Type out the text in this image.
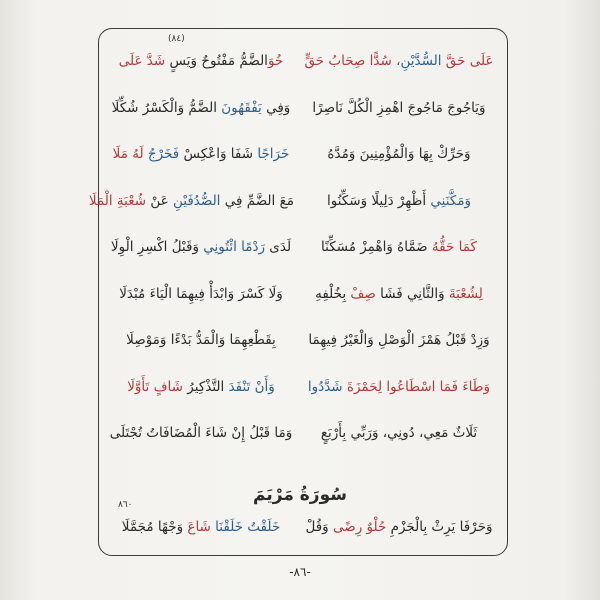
(٨٤)
عَلَى حَقَّ السُّدَّيْنِ، سُدًّا صِحَابُ حَقٍّ
خُوَالضَّمُّ مَفْتُوحٌ وَيَسٍ شَدَّ عَلَى
وَيَاجُوجَ مَاجُوجَ اهْمِزِ الْكُلَّ نَاصِرًا
وَفِي يَفْقَهُونَ الضَّمُّ وَالْكَسْرُ شُكِّلَا
وَحَرِّكْ بِهَا وَالْمُؤْمِنِينَ وَمُدَّهُ
خَرَاجًا شَفَا وَاعْكِسْ فَخَرْجُ لَهُ مَلَا
وَمَكَّنَنِي أَظْهِرْ دَلِيلًا وَسَكِّنُوا
مَعَ الضَّمِّ فِي الصُّدُفَيْنِ عَنْ شُعْبَةِ الْمَلَا
كَمَا حَقُّهُ ضَمَّاهُ وَاهْمِزْ مُسَكِّنًا
لَدَى رَدْمًا ائْتُونِي وَقَبْلُ اكْسِرِ الْوِلَا
لِشُعْبَةَ وَالثَّانِي فَشَا صِفْ بِخُلْفِهِ
وَلَا كَسْرَ وَابْدَأْ فِيهِمَا الْيَاءَ مُبْدَلَا
وَزِدْ قَبْلُ هَمْزَ الْوَصْلِ وَالْغَيْرُ فِيهِمَا
بِقَطْعِهِمَا وَالْمَدُّ بَدْءًا وَمَوْصِلَا
وَطَاءَ فَمَا اسْطَاعُوا لِحَمْزَةَ شَدَّدُوا
وَأَنْ تَنْفَدَ التَّذْكِيرُ شَافٍ تَأَوَّلَا
ثَلَاثٌ مَعِي، دُونِي، وَرَبِّي بِأَرْبَعٍ
وَمَا قَبْلُ إِنْ شَاءَ الْمُضَافَاتُ تُجْتَلَى
سُورَةُ مَرْيَمَ
٨٦٠
وَحَرْفَا يَرِثْ بِالْجَزْمِ حُلْوٌ رِضًى وَقُلْ
خَلَقْتُ خَلَقْنَا شَاعَ وَجْهًا مُجَمَّلَا
-٨٦-
